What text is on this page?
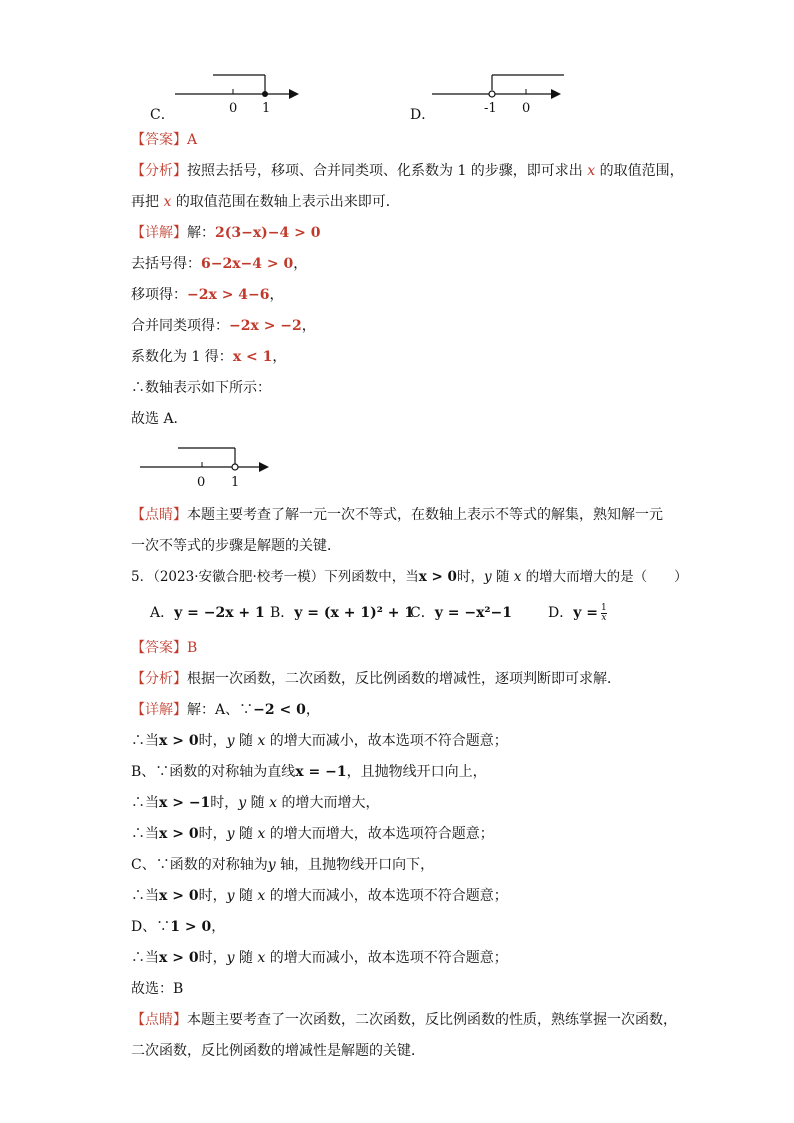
C．	0 1	D．	-1 0
【答案】A
【分析】按照去括号，移项、合并同类项、化系数为 1 的步骤，即可求出 x 的取值范围，
再把 x 的取值范围在数轴上表示出来即可．
【详解】解：2(3−x)−4 > 0
去括号得：6−2x−4 > 0，
移项得：−2x > 4−6，
合并同类项得：−2x > −2，
系数化为 1 得：x < 1，
∴数轴表示如下所示：
故选 A．
0 1
【点睛】本题主要考查了解一元一次不等式，在数轴上表示不等式的解集，熟知解一元
一次不等式的步骤是解题的关键．
5．（2023·安徽合肥·校考一模）下列函数中，当x > 0时，y 随 x 的增大而增大的是（　　）
A．y = −2x + 1 B．y = (x + 1)² + 1
C．y = −x²−1	D．$y = \frac{1}{x}$
【答案】B
【分析】根据一次函数，二次函数，反比例函数的增减性，逐项判断即可求解．
【详解】解：A、∵−2 < 0，
∴当x > 0时，y 随 x 的增大而减小，故本选项不符合题意；
B、∵函数的对称轴为直线x = −1，且抛物线开口向上，
∴当x > −1时，y 随 x 的增大而增大，
∴当x > 0时，y 随 x 的增大而增大，故本选项符合题意；
C、∵函数的对称轴为y 轴，且抛物线开口向下，
∴当x > 0时，y 随 x 的增大而减小，故本选项不符合题意；
D、∵1 > 0，
∴当x > 0时，y 随 x 的增大而减小，故本选项不符合题意；
故选：B
【点睛】本题主要考查了一次函数，二次函数，反比例函数的性质，熟练掌握一次函数，
二次函数，反比例函数的增减性是解题的关键．
